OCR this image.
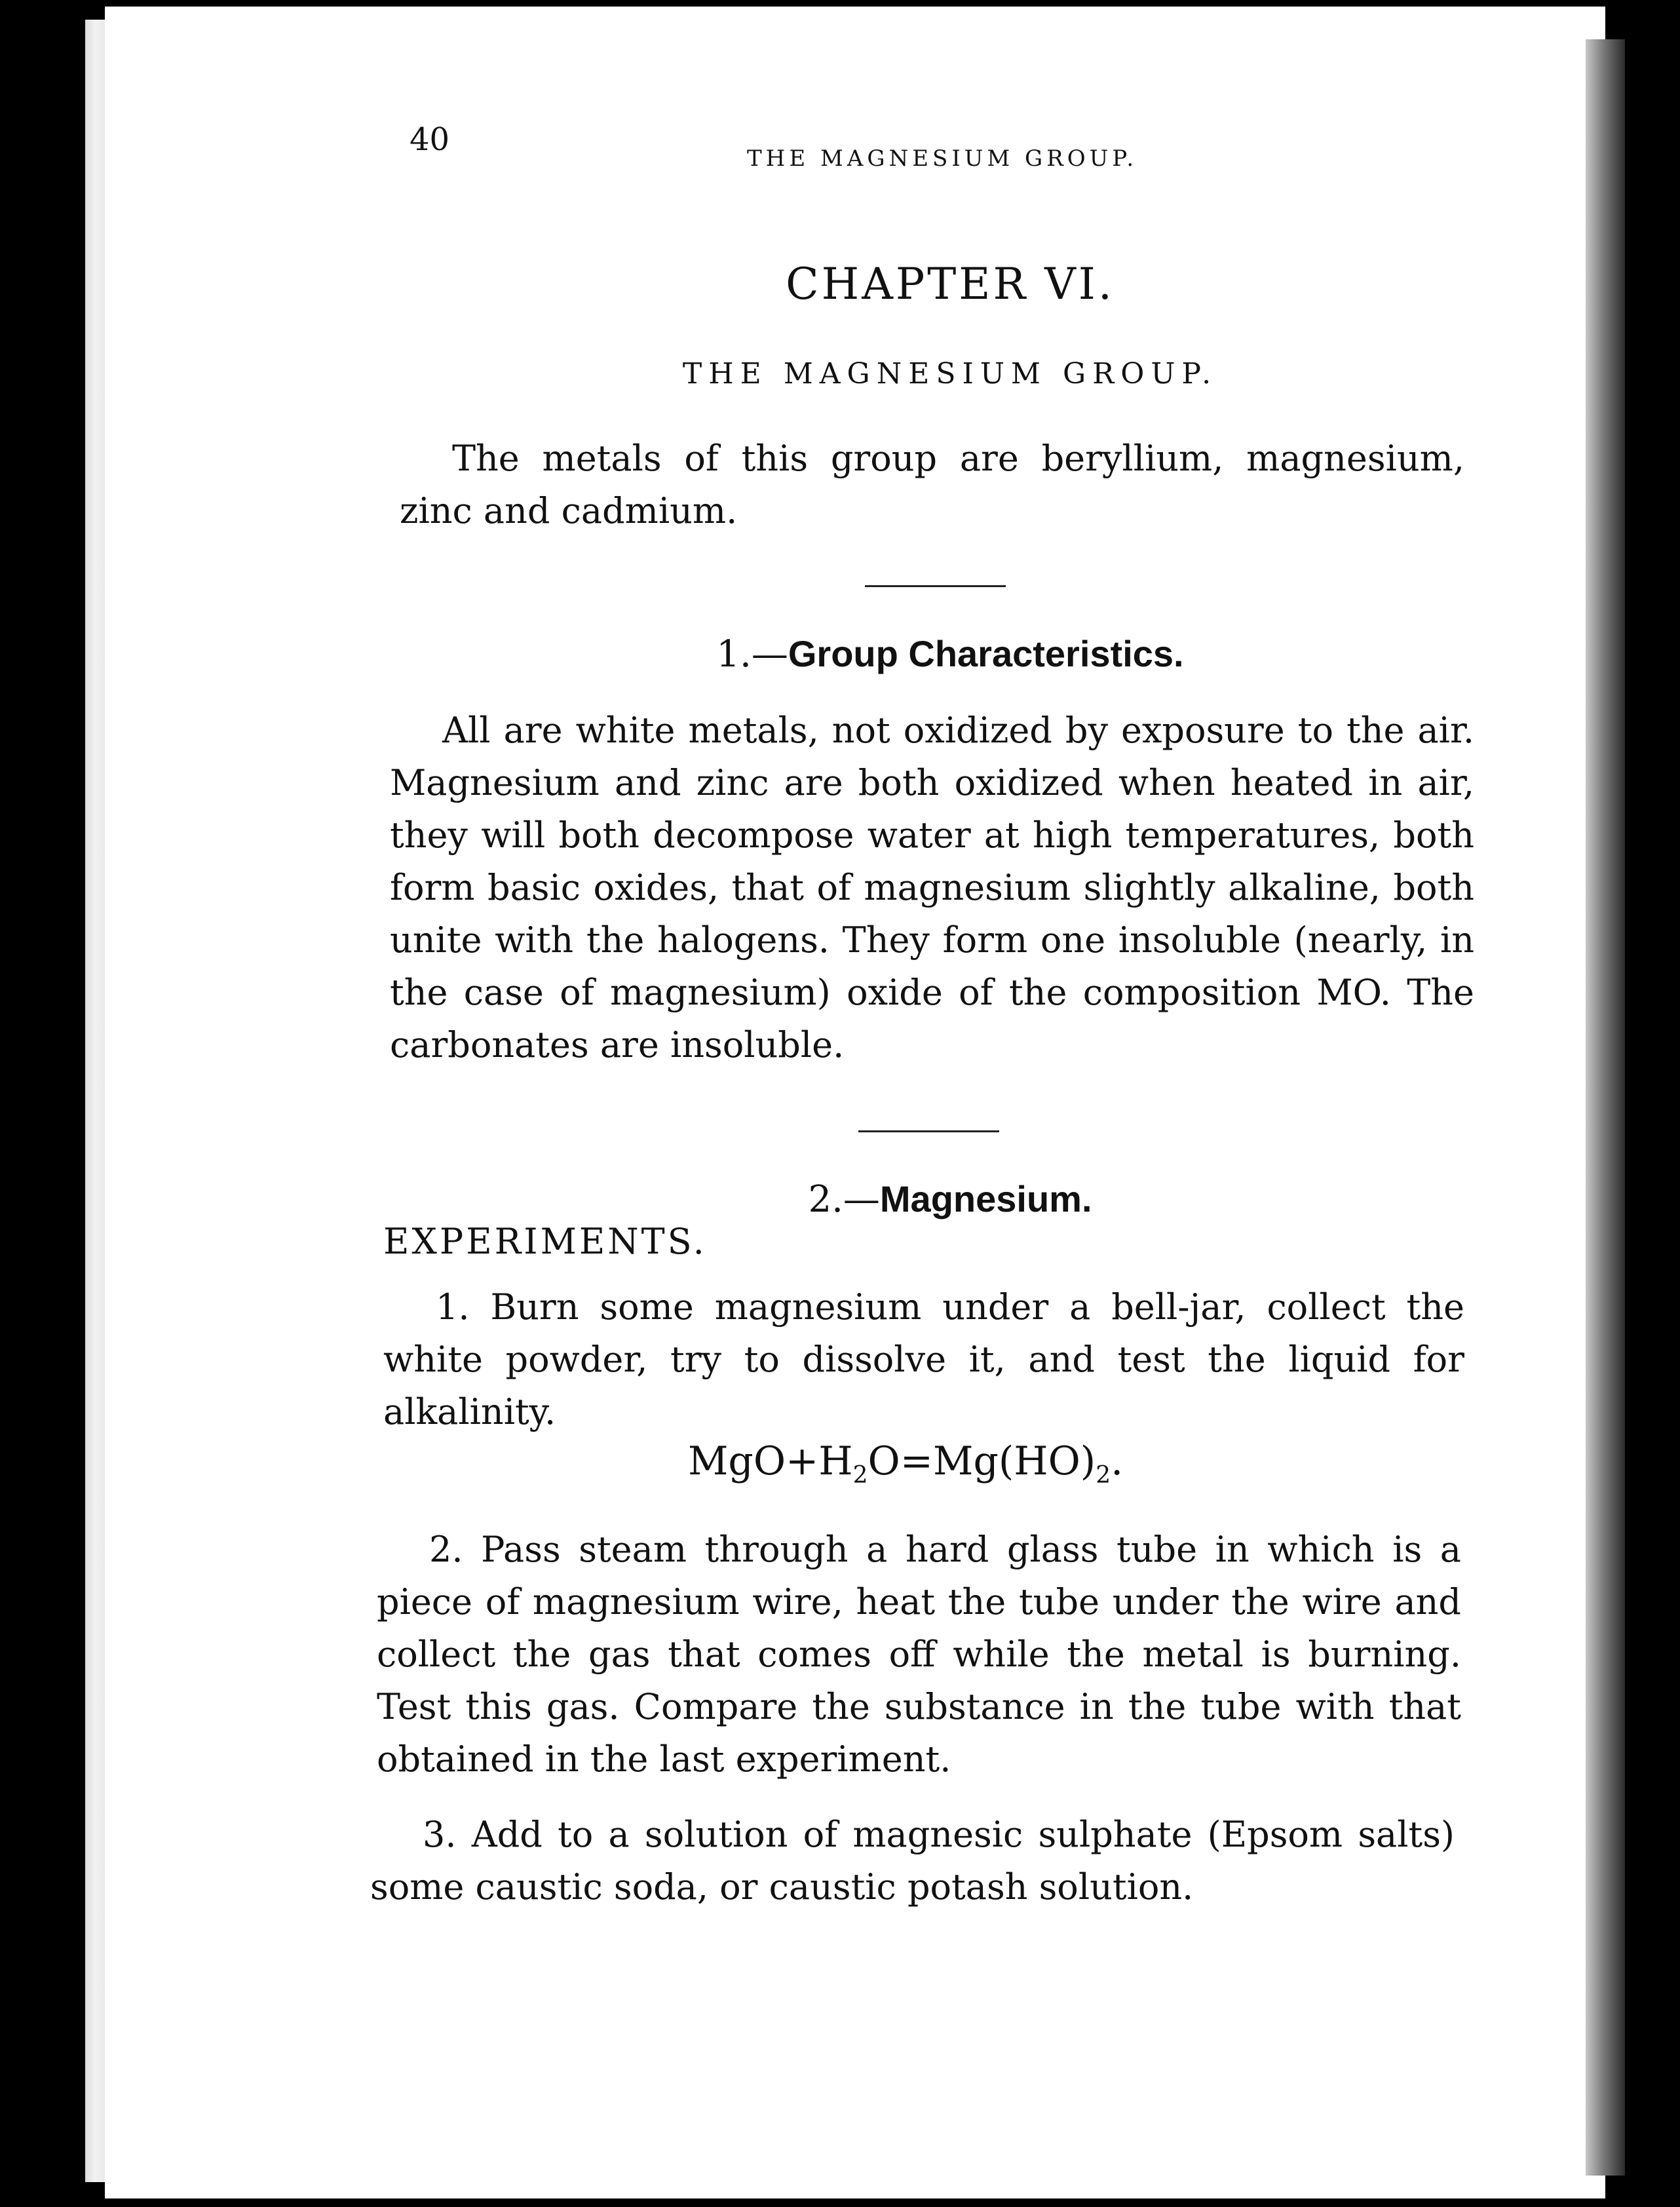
40
THE MAGNESIUM GROUP.
CHAPTER VI.
THE MAGNESIUM GROUP.
The metals of this group are beryllium, magnesium, zinc and cadmium.
1.—Group Characteristics.
All are white metals, not oxidized by exposure to the air. Magnesium and zinc are both oxidized when heated in air, they will both decompose water at high temperatures, both form basic oxides, that of magnesium slightly alkaline, both unite with the halogens. They form one insoluble (nearly, in the case of magnesium) oxide of the composition MO. The carbonates are insoluble.
2.—Magnesium.
EXPERIMENTS.
1. Burn some magnesium under a bell-jar, collect the white powder, try to dissolve it, and test the liquid for alkalinity.
$MgO+H_2O=Mg(HO)_2$.
2. Pass steam through a hard glass tube in which is a piece of magnesium wire, heat the tube under the wire and collect the gas that comes off while the metal is burning. Test this gas. Compare the substance in the tube with that obtained in the last experiment.
3. Add to a solution of magnesic sulphate (Epsom salts) some caustic soda, or caustic potash solution.
